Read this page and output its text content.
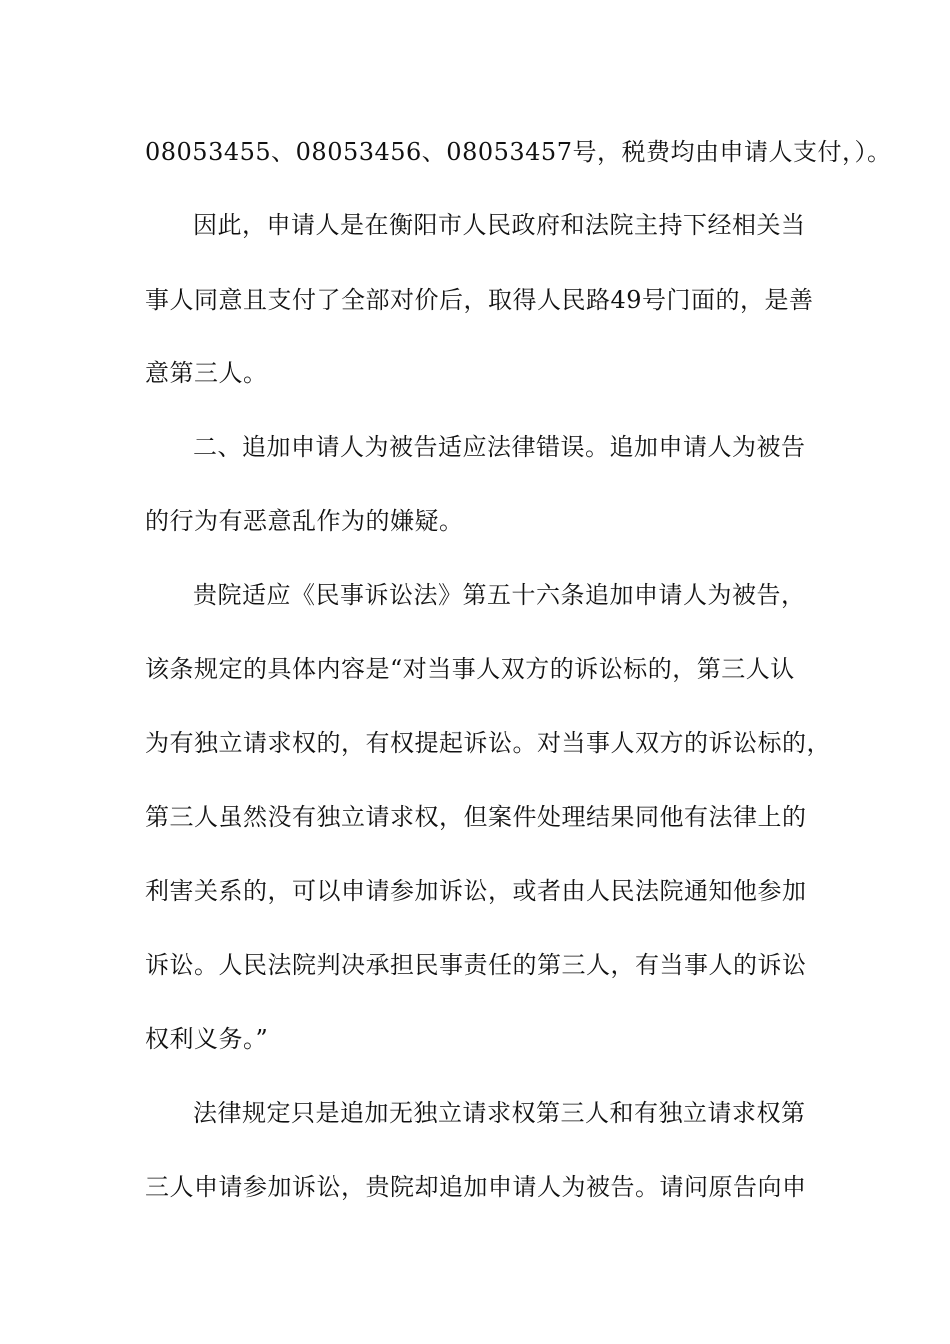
08053455、08053456、08053457号，税费均由申请人支付，）。
因此，申请人是在衡阳市人民政府和法院主持下经相关当
事人同意且支付了全部对价后，取得人民路49号门面的，是善
意第三人。
二、追加申请人为被告适应法律错误。追加申请人为被告
的行为有恶意乱作为的嫌疑。
贵院适应《民事诉讼法》第五十六条追加申请人为被告，
该条规定的具体内容是“对当事人双方的诉讼标的，第三人认
为有独立请求权的，有权提起诉讼。对当事人双方的诉讼标的，
第三人虽然没有独立请求权，但案件处理结果同他有法律上的
利害关系的，可以申请参加诉讼，或者由人民法院通知他参加
诉讼。人民法院判决承担民事责任的第三人，有当事人的诉讼
权利义务。”
法律规定只是追加无独立请求权第三人和有独立请求权第
三人申请参加诉讼，贵院却追加申请人为被告。请问原告向申
